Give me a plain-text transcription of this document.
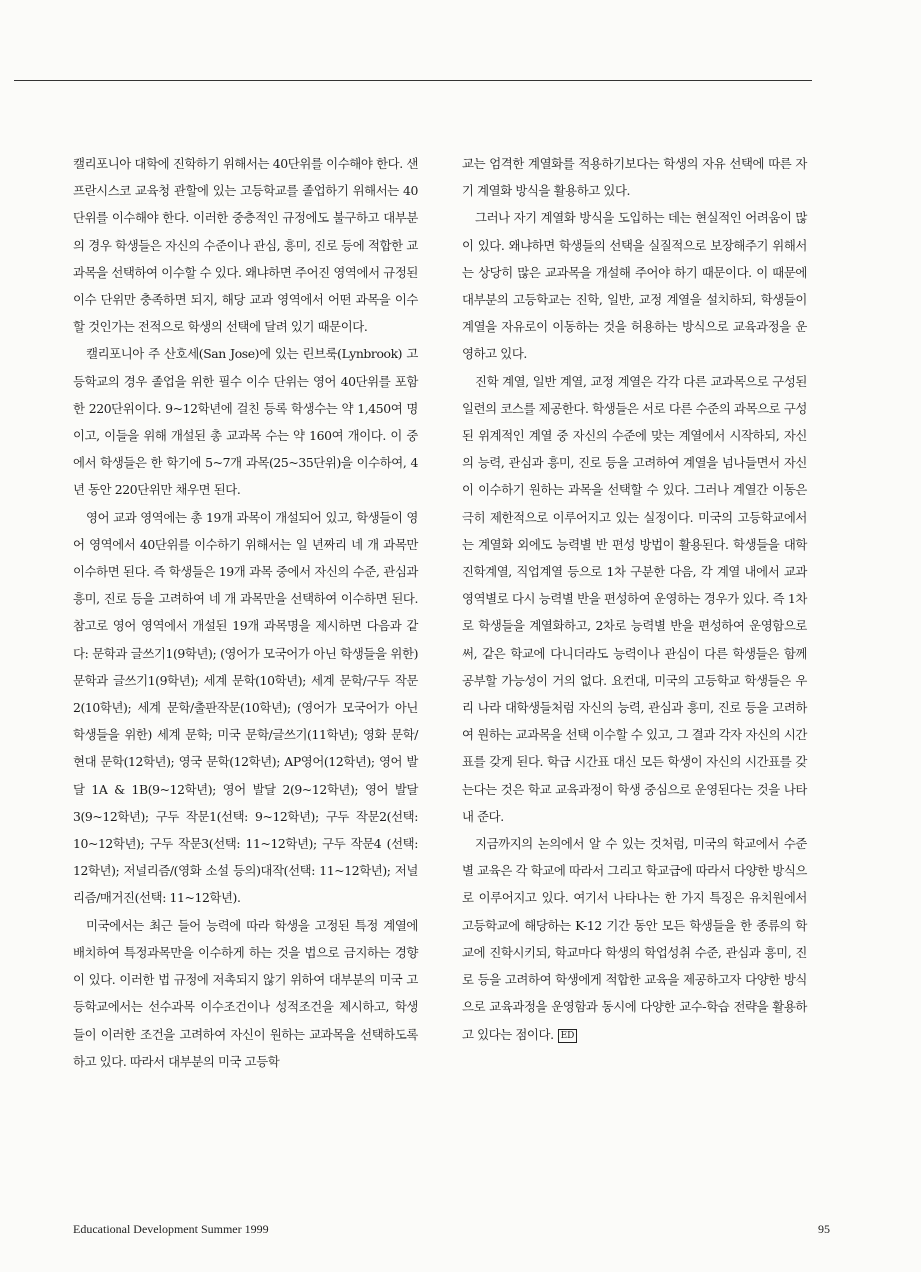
캘리포니아 대학에 진학하기 위해서는 40단위를 이수해야 한다. 샌프란시스코 교육청 관할에 있는 고등학교를 졸업하기 위해서는 40단위를 이수해야 한다. 이러한 중층적인 규정에도 불구하고 대부분의 경우 학생들은 자신의 수준이나 관심, 흥미, 진로 등에 적합한 교과목을 선택하여 이수할 수 있다. 왜냐하면 주어진 영역에서 규정된 이수 단위만 충족하면 되지, 해당 교과 영역에서 어떤 과목을 이수할 것인가는 전적으로 학생의 선택에 달려 있기 때문이다.

캘리포니아 주 산호세(San Jose)에 있는 린브룩(Lynbrook) 고등학교의 경우 졸업을 위한 필수 이수 단위는 영어 40단위를 포함한 220단위이다. 9~12학년에 걸친 등록 학생수는 약 1,450여 명이고, 이들을 위해 개설된 총 교과목 수는 약 160여 개이다. 이 중에서 학생들은 한 학기에 5~7개 과목(25~35단위)을 이수하여, 4년 동안 220단위만 채우면 된다.

영어 교과 영역에는 총 19개 과목이 개설되어 있고, 학생들이 영어 영역에서 40단위를 이수하기 위해서는 일 년짜리 네 개 과목만 이수하면 된다. 즉 학생들은 19개 과목 중에서 자신의 수준, 관심과 흥미, 진로 등을 고려하여 네 개 과목만을 선택하여 이수하면 된다. 참고로 영어 영역에서 개설된 19개 과목명을 제시하면 다음과 같다: 문학과 글쓰기1(9학년); (영어가 모국어가 아닌 학생들을 위한) 문학과 글쓰기1(9학년); 세계 문학(10학년); 세계 문학/구두 작문2(10학년); 세계 문학/출판작문(10학년); (영어가 모국어가 아닌 학생들을 위한) 세계 문학; 미국 문학/글쓰기(11학년); 영화 문학/현대 문학(12학년); 영국 문학(12학년); AP영어(12학년); 영어 발달 1A & 1B(9~12학년); 영어 발달 2(9~12학년); 영어 발달 3(9~12학년); 구두 작문1(선택: 9~12학년); 구두 작문2(선택: 10~12학년); 구두 작문3(선택: 11~12학년); 구두 작문4 (선택: 12학년); 저널리즘/(영화 소설 등의)대작(선택: 11~12학년); 저널리즘/매거진(선택: 11~12학년).

미국에서는 최근 들어 능력에 따라 학생을 고정된 특정 계열에 배치하여 특정과목만을 이수하게 하는 것을 법으로 금지하는 경향이 있다. 이러한 법 규정에 저촉되지 않기 위하여 대부분의 미국 고등학교에서는 선수과목 이수조건이나 성적조건을 제시하고, 학생들이 이러한 조건을 고려하여 자신이 원하는 교과목을 선택하도록 하고 있다. 따라서 대부분의 미국 고등학

교는 엄격한 계열화를 적용하기보다는 학생의 자유 선택에 따른 자기 계열화 방식을 활용하고 있다.

그러나 자기 계열화 방식을 도입하는 데는 현실적인 어려움이 많이 있다. 왜냐하면 학생들의 선택을 실질적으로 보장해주기 위해서는 상당히 많은 교과목을 개설해 주어야 하기 때문이다. 이 때문에 대부분의 고등학교는 진학, 일반, 교정 계열을 설치하되, 학생들이 계열을 자유로이 이동하는 것을 허용하는 방식으로 교육과정을 운영하고 있다.

진학 계열, 일반 계열, 교정 계열은 각각 다른 교과목으로 구성된 일련의 코스를 제공한다. 학생들은 서로 다른 수준의 과목으로 구성된 위계적인 계열 중 자신의 수준에 맞는 계열에서 시작하되, 자신의 능력, 관심과 흥미, 진로 등을 고려하여 계열을 넘나들면서 자신이 이수하기 원하는 과목을 선택할 수 있다. 그러나 계열간 이동은 극히 제한적으로 이루어지고 있는 실정이다. 미국의 고등학교에서는 계열화 외에도 능력별 반 편성 방법이 활용된다. 학생들을 대학진학계열, 직업계열 등으로 1차 구분한 다음, 각 계열 내에서 교과 영역별로 다시 능력별 반을 편성하여 운영하는 경우가 있다. 즉 1차로 학생들을 계열화하고, 2차로 능력별 반을 편성하여 운영함으로써, 같은 학교에 다니더라도 능력이나 관심이 다른 학생들은 함께 공부할 가능성이 거의 없다. 요컨대, 미국의 고등학교 학생들은 우리 나라 대학생들처럼 자신의 능력, 관심과 흥미, 진로 등을 고려하여 원하는 교과목을 선택 이수할 수 있고, 그 결과 각자 자신의 시간표를 갖게 된다. 학급 시간표 대신 모든 학생이 자신의 시간표를 갖는다는 것은 학교 교육과정이 학생 중심으로 운영된다는 것을 나타내 준다.

지금까지의 논의에서 알 수 있는 것처럼, 미국의 학교에서 수준별 교육은 각 학교에 따라서 그리고 학교급에 따라서 다양한 방식으로 이루어지고 있다. 여기서 나타나는 한 가지 특징은 유치원에서 고등학교에 해당하는 K-12 기간 동안 모든 학생들을 한 종류의 학교에 진학시키되, 학교마다 학생의 학업성취 수준, 관심과 흥미, 진로 등을 고려하여 학생에게 적합한 교육을 제공하고자 다양한 방식으로 교육과정을 운영함과 동시에 다양한 교수-학습 전략을 활용하고 있다는 점이다. ED

Educational Development Summer 1999	95
